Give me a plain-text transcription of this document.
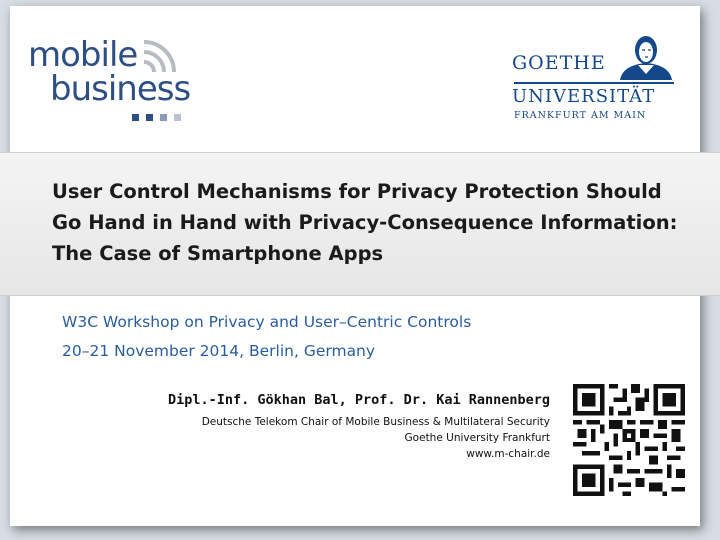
mobile
business
GOETHE
UNIVERSITÄT
FRANKFURT AM MAIN
User Control Mechanisms for Privacy Protection Should Go Hand in Hand with Privacy-Consequence Information: The Case of Smartphone Apps
W3C Workshop on Privacy and User–Centric Controls
20–21 November 2014, Berlin, Germany
Dipl.-Inf. Gökhan Bal, Prof. Dr. Kai Rannenberg
Deutsche Telekom Chair of Mobile Business & Multilateral Security
Goethe University Frankfurt
www.m-chair.de
